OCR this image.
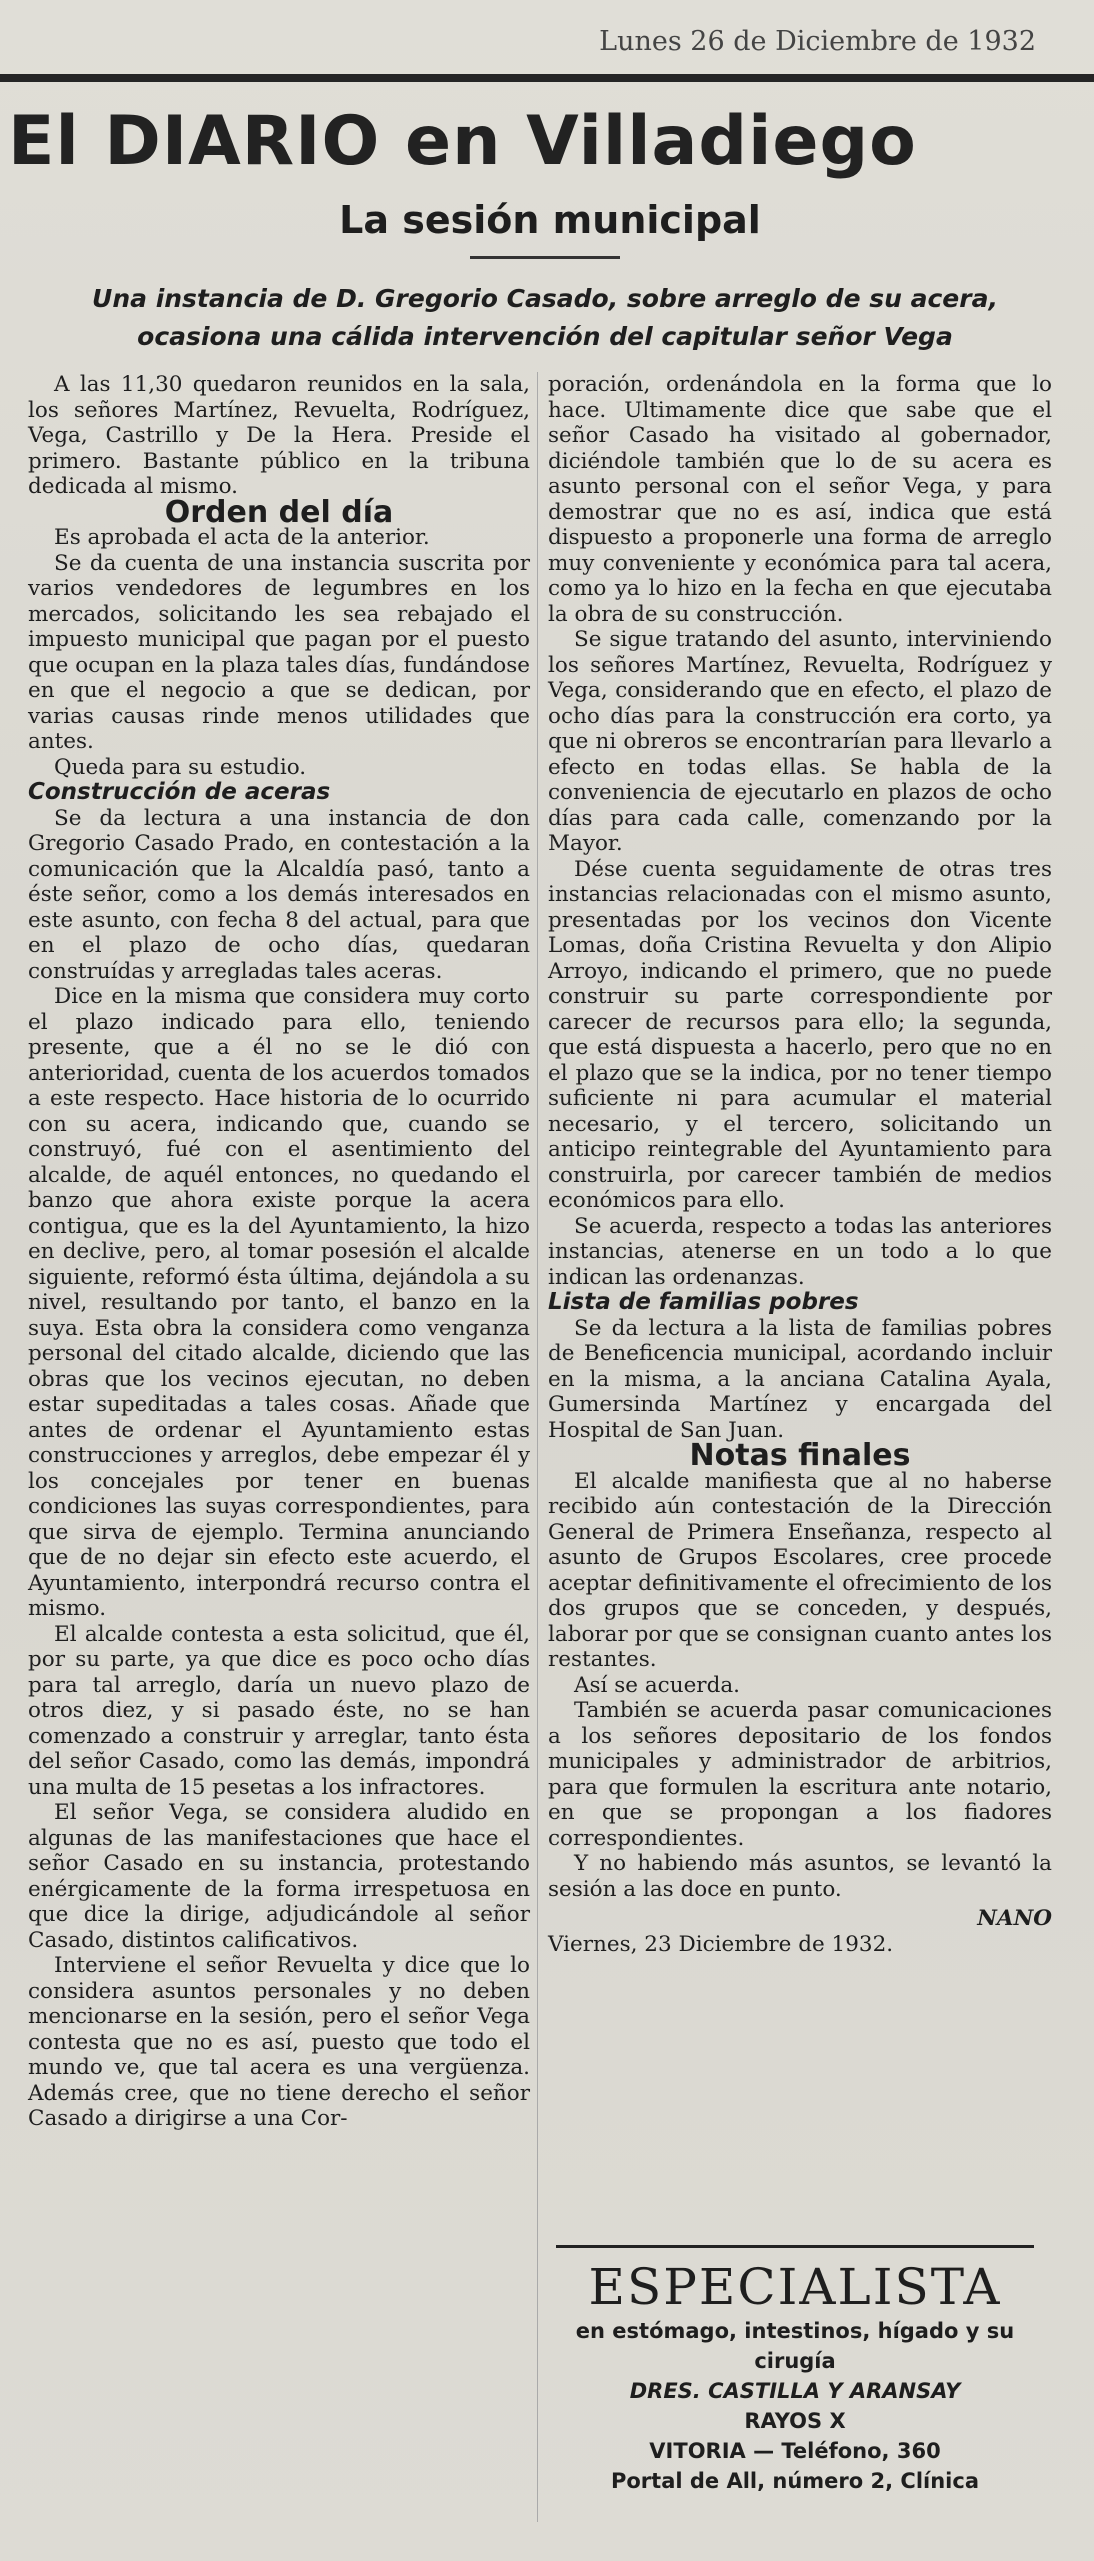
Lunes 26 de Diciembre de 1932
El DIARIO en Villadiego
La sesión municipal
Una instancia de D. Gregorio Casado, sobre arreglo de su acera, ocasiona una cálida intervención del capitular señor Vega

A las 11,30 quedaron reunidos en la sala, los señores Martínez, Revuelta, Rodríguez, Vega, Castrillo y De la Hera. Preside el primero. Bastante público en la tribuna dedicada al mismo.

Orden del día

Es aprobada el acta de la anterior.

Se da cuenta de una instancia suscrita por varios vendedores de legumbres en los mercados, solicitando les sea rebajado el impuesto municipal que pagan por el puesto que ocupan en la plaza tales días, fundándose en que el negocio a que se dedican, por varias causas rinde menos utilidades que antes.

Queda para su estudio.

Construcción de aceras

Se da lectura a una instancia de don Gregorio Casado Prado, en contestación a la comunicación que la Alcaldía pasó, tanto a éste señor, como a los demás interesados en este asunto, con fecha 8 del actual, para que en el plazo de ocho días, quedaran construídas y arregladas tales aceras.

Dice en la misma que considera muy corto el plazo indicado para ello, teniendo presente, que a él no se le dió con anterioridad, cuenta de los acuerdos tomados a este respecto. Hace historia de lo ocurrido con su acera, indicando que, cuando se construyó, fué con el asentimiento del alcalde, de aquél entonces, no quedando el banzo que ahora existe porque la acera contigua, que es la del Ayuntamiento, la hizo en declive, pero, al tomar posesión el alcalde siguiente, reformó ésta última, dejándola a su nivel, resultando por tanto, el banzo en la suya. Esta obra la considera como venganza personal del citado alcalde, diciendo que las obras que los vecinos ejecutan, no deben estar supeditadas a tales cosas. Añade que antes de ordenar el Ayuntamiento estas construcciones y arreglos, debe empezar él y los concejales por tener en buenas condiciones las suyas correspondientes, para que sirva de ejemplo. Termina anunciando que de no dejar sin efecto este acuerdo, el Ayuntamiento, interpondrá recurso contra el mismo.

El alcalde contesta a esta solicitud, que él, por su parte, ya que dice es poco ocho días para tal arreglo, daría un nuevo plazo de otros diez, y si pasado éste, no se han comenzado a construir y arreglar, tanto ésta del señor Casado, como las demás, impondrá una multa de 15 pesetas a los infractores.

El señor Vega, se considera aludido en algunas de las manifestaciones que hace el señor Casado en su instancia, protestando enérgicamente de la forma irrespetuosa en que dice la dirige, adjudicándole al señor Casado, distintos calificativos.

Interviene el señor Revuelta y dice que lo considera asuntos personales y no deben mencionarse en la sesión, pero el señor Vega contesta que no es así, puesto que todo el mundo ve, que tal acera es una vergüenza. Además cree, que no tiene derecho el señor Casado a dirigirse a una Cor-

poración, ordenándola en la forma que lo hace. Ultimamente dice que sabe que el señor Casado ha visitado al gobernador, diciéndole también que lo de su acera es asunto personal con el señor Vega, y para demostrar que no es así, indica que está dispuesto a proponerle una forma de arreglo muy conveniente y económica para tal acera, como ya lo hizo en la fecha en que ejecutaba la obra de su construcción.

Se sigue tratando del asunto, interviniendo los señores Martínez, Revuelta, Rodríguez y Vega, considerando que en efecto, el plazo de ocho días para la construcción era corto, ya que ni obreros se encontrarían para llevarlo a efecto en todas ellas. Se habla de la conveniencia de ejecutarlo en plazos de ocho días para cada calle, comenzando por la Mayor.

Dése cuenta seguidamente de otras tres instancias relacionadas con el mismo asunto, presentadas por los vecinos don Vicente Lomas, doña Cristina Revuelta y don Alipio Arroyo, indicando el primero, que no puede construir su parte correspondiente por carecer de recursos para ello; la segunda, que está dispuesta a hacerlo, pero que no en el plazo que se la indica, por no tener tiempo suficiente ni para acumular el material necesario, y el tercero, solicitando un anticipo reintegrable del Ayuntamiento para construirla, por carecer también de medios económicos para ello.

Se acuerda, respecto a todas las anteriores instancias, atenerse en un todo a lo que indican las ordenanzas.

Lista de familias pobres

Se da lectura a la lista de familias pobres de Beneficencia municipal, acordando incluir en la misma, a la anciana Catalina Ayala, Gumersinda Martínez y encargada del Hospital de San Juan.

Notas finales

El alcalde manifiesta que al no haberse recibido aún contestación de la Dirección General de Primera Enseñanza, respecto al asunto de Grupos Escolares, cree procede aceptar definitivamente el ofrecimiento de los dos grupos que se conceden, y después, laborar por que se consignan cuanto antes los restantes.

Así se acuerda.

También se acuerda pasar comunicaciones a los señores depositario de los fondos municipales y administrador de arbitrios, para que formulen la escritura ante notario, en que se propongan a los fiadores correspondientes.

Y no habiendo más asuntos, se levantó la sesión a las doce en punto.

NANO

Viernes, 23 Diciembre de 1932.

ESPECIALISTA
en estómago, intestinos, hígado y su cirugía
DRES. CASTILLA Y ARANSAY
RAYOS X
VITORIA — Teléfono, 360
Portal de All, número 2, Clínica
